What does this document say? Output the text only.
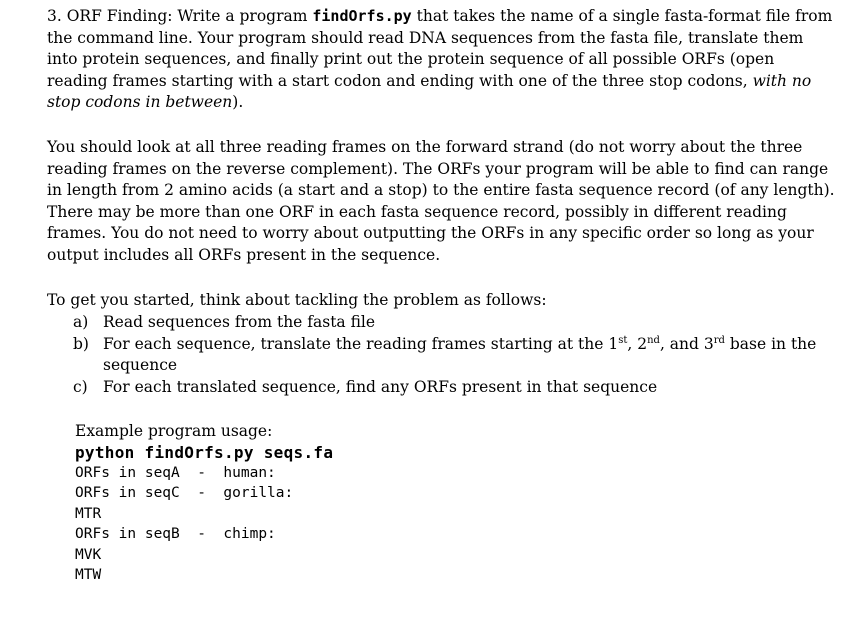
3. ORF Finding: Write a program findOrfs.py that takes the name of a single fasta-format file from the command line. Your program should read DNA sequences from the fasta file, translate them into protein sequences, and finally print out the protein sequence of all possible ORFs (open reading frames starting with a start codon and ending with one of the three stop codons, with no stop codons in between).

You should look at all three reading frames on the forward strand (do not worry about the three reading frames on the reverse complement). The ORFs your program will be able to find can range in length from 2 amino acids (a start and a stop) to the entire fasta sequence record (of any length). There may be more than one ORF in each fasta sequence record, possibly in different reading frames. You do not need to worry about outputting the ORFs in any specific order so long as your output includes all ORFs present in the sequence.

To get you started, think about tackling the problem as follows:

a) Read sequences from the fasta file
b) For each sequence, translate the reading frames starting at the 1st, 2nd, and 3rd base in the sequence
c) For each translated sequence, find any ORFs present in that sequence
Example program usage:
python findOrfs.py seqs.fa
ORFs in seqA  -  human:
ORFs in seqC  -  gorilla:
MTR
ORFs in seqB  -  chimp:
MVK
MTW
